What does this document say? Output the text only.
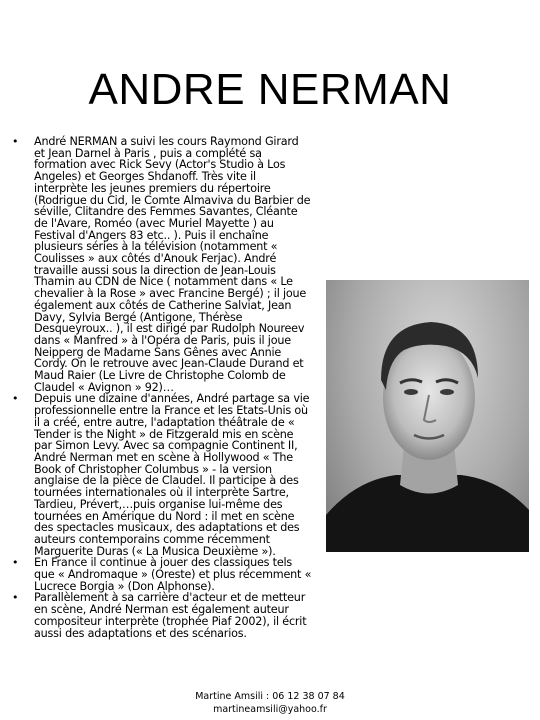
ANDRE NERMAN
• André NERMAN a suivi les cours Raymond Girard et Jean Darnel à Paris , puis a complété sa formation avec Rick Sevy (Actor's Studio à Los Angeles) et Georges Shdanoff. Très vite il interprète les jeunes premiers du répertoire (Rodrigue du Cid, le Comte Almaviva du Barbier de séville, Clitandre des Femmes Savantes, Cléante de l'Avare, Roméo (avec Muriel Mayette ) au Festival d'Angers 83 etc.. ). Puis il enchaîne plusieurs séries à la télévision (notamment « Coulisses » aux côtés d'Anouk Ferjac). André travaille aussi sous la direction de Jean-Louis Thamin au CDN de Nice ( notamment dans « Le chevalier à la Rose » avec Francine Bergé) ; il joue également aux côtés de Catherine Salviat, Jean Davy, Sylvia Bergé (Antigone, Thérèse Desqueyroux.. ), il est dirigé par Rudolph Noureev dans « Manfred » à l'Opéra de Paris, puis il joue Neipperg de Madame Sans Gênes avec Annie Cordy. On le retrouve avec Jean-Claude Durand et Maud Raier (Le Livre de Christophe Colomb de Claudel « Avignon » 92)…
• Depuis une dizaine d'années, André partage sa vie professionnelle entre la France et les Etats-Unis où il a créé, entre autre, l'adaptation théâtrale de « Tender is the Night » de Fitzgerald mis en scène par Simon Levy. Avec sa compagnie Continent II, André Nerman met en scène à Hollywood « The Book of Christopher Columbus » - la version anglaise de la pièce de Claudel. Il participe à des tournées internationales où il interprète Sartre, Tardieu, Prévert,…puis organise lui-même des tournées en Amérique du Nord : il met en scène des spectacles musicaux, des adaptations et des auteurs contemporains comme récemment Marguerite Duras (« La Musica Deuxième »).
• En France il continue à jouer des classiques tels que « Andromaque » (Oreste) et plus récemment « Lucrece Borgia » (Don Alphonse).
• Parallèlement à sa carrière d'acteur et de metteur en scène, André Nerman est également auteur compositeur interprète (trophée Piaf 2002), il écrit aussi des adaptations et des scénarios.
Martine Amsili : 06 12 38 07 84
martineamsili@yahoo.fr
